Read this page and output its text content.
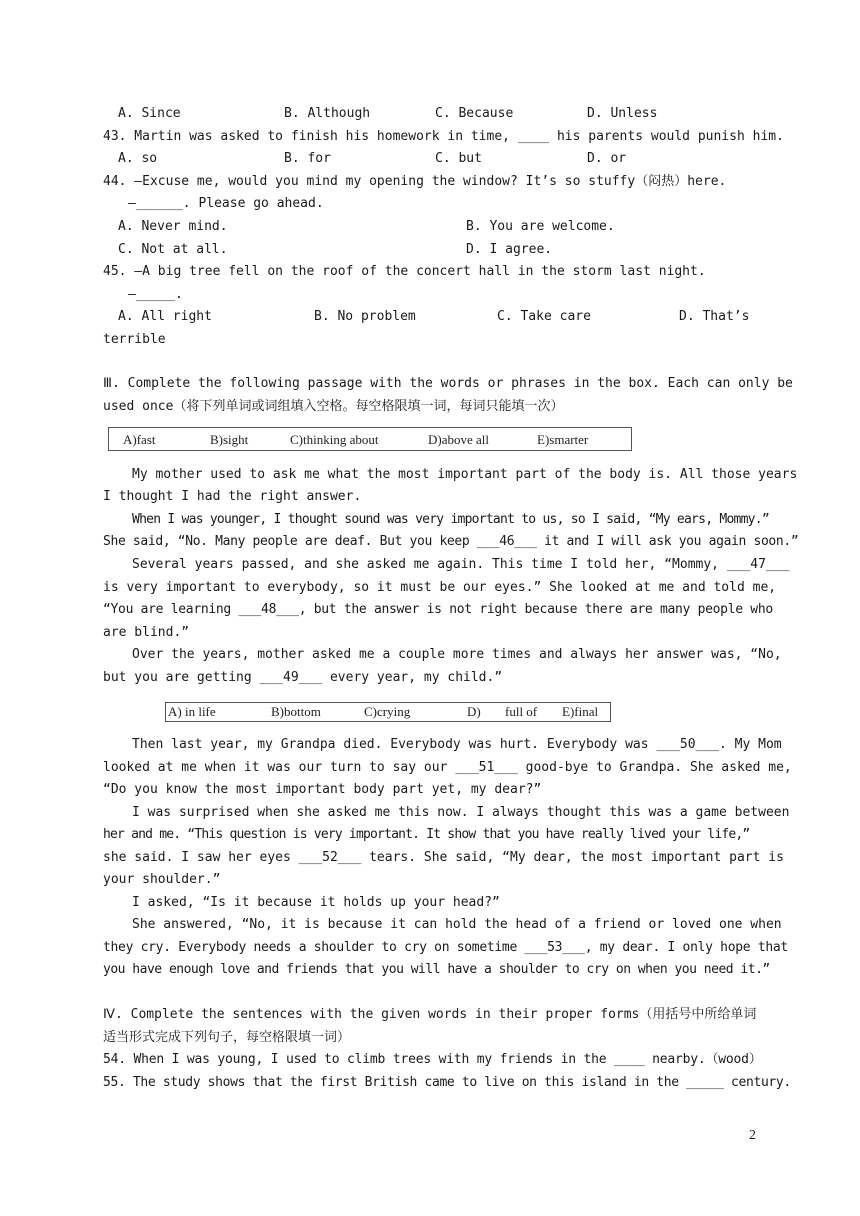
A. Since	B. Although	C. Because	D. Unless
43. Martin was asked to finish his homework in time, ____ his parents would punish him.
A. so	B. for	C. but	D. or
44. –Excuse me, would you mind my opening the window? It’s so stuffy（闷热）here.
–______. Please go ahead.
A. Never mind.	B. You are welcome.
C. Not at all.	D. I agree.
45. –A big tree fell on the roof of the concert hall in the storm last night.
–_____.
A. All right	B. No problem	C. Take care	D. That’s
terrible
Ⅲ. Complete the following passage with the words or phrases in the box. Each can only be
used once（将下列单词或词组填入空格。每空格限填一词，每词只能填一次）
A)fast	B)sight	C)thinking about	D)above all	E)smarter
My mother used to ask me what the most important part of the body is. All those years
I thought I had the right answer.
When I was younger, I thought sound was very important to us, so I said, “My ears, Mommy.”
She said, “No. Many people are deaf. But you keep ___46___ it and I will ask you again soon.”
Several years passed, and she asked me again. This time I told her, “Mommy, ___47___
is very important to everybody, so it must be our eyes.” She looked at me and told me,
“You are learning ___48___, but the answer is not right because there are many people who
are blind.”
Over the years, mother asked me a couple more times and always her answer was, “No,
but you are getting ___49___ every year, my child.”
A) in life	B)bottom	C)crying	D) full of E)final
Then last year, my Grandpa died. Everybody was hurt. Everybody was ___50___. My Mom
looked at me when it was our turn to say our ___51___ good-bye to Grandpa. She asked me,
“Do you know the most important body part yet, my dear?”
I was surprised when she asked me this now. I always thought this was a game between
her and me. “This question is very important. It show that you have really lived your life,”
she said. I saw her eyes ___52___ tears. She said, “My dear, the most important part is
your shoulder.”
I asked, “Is it because it holds up your head?”
She answered, “No, it is because it can hold the head of a friend or loved one when
they cry. Everybody needs a shoulder to cry on sometime ___53___, my dear. I only hope that
you have enough love and friends that you will have a shoulder to cry on when you need it.”
Ⅳ. Complete the sentences with the given words in their proper forms（用括号中所给单词
适当形式完成下列句子，每空格限填一词）
54. When I was young, I used to climb trees with my friends in the ____ nearby.（wood）
55. The study shows that the first British came to live on this island in the _____ century.
2
